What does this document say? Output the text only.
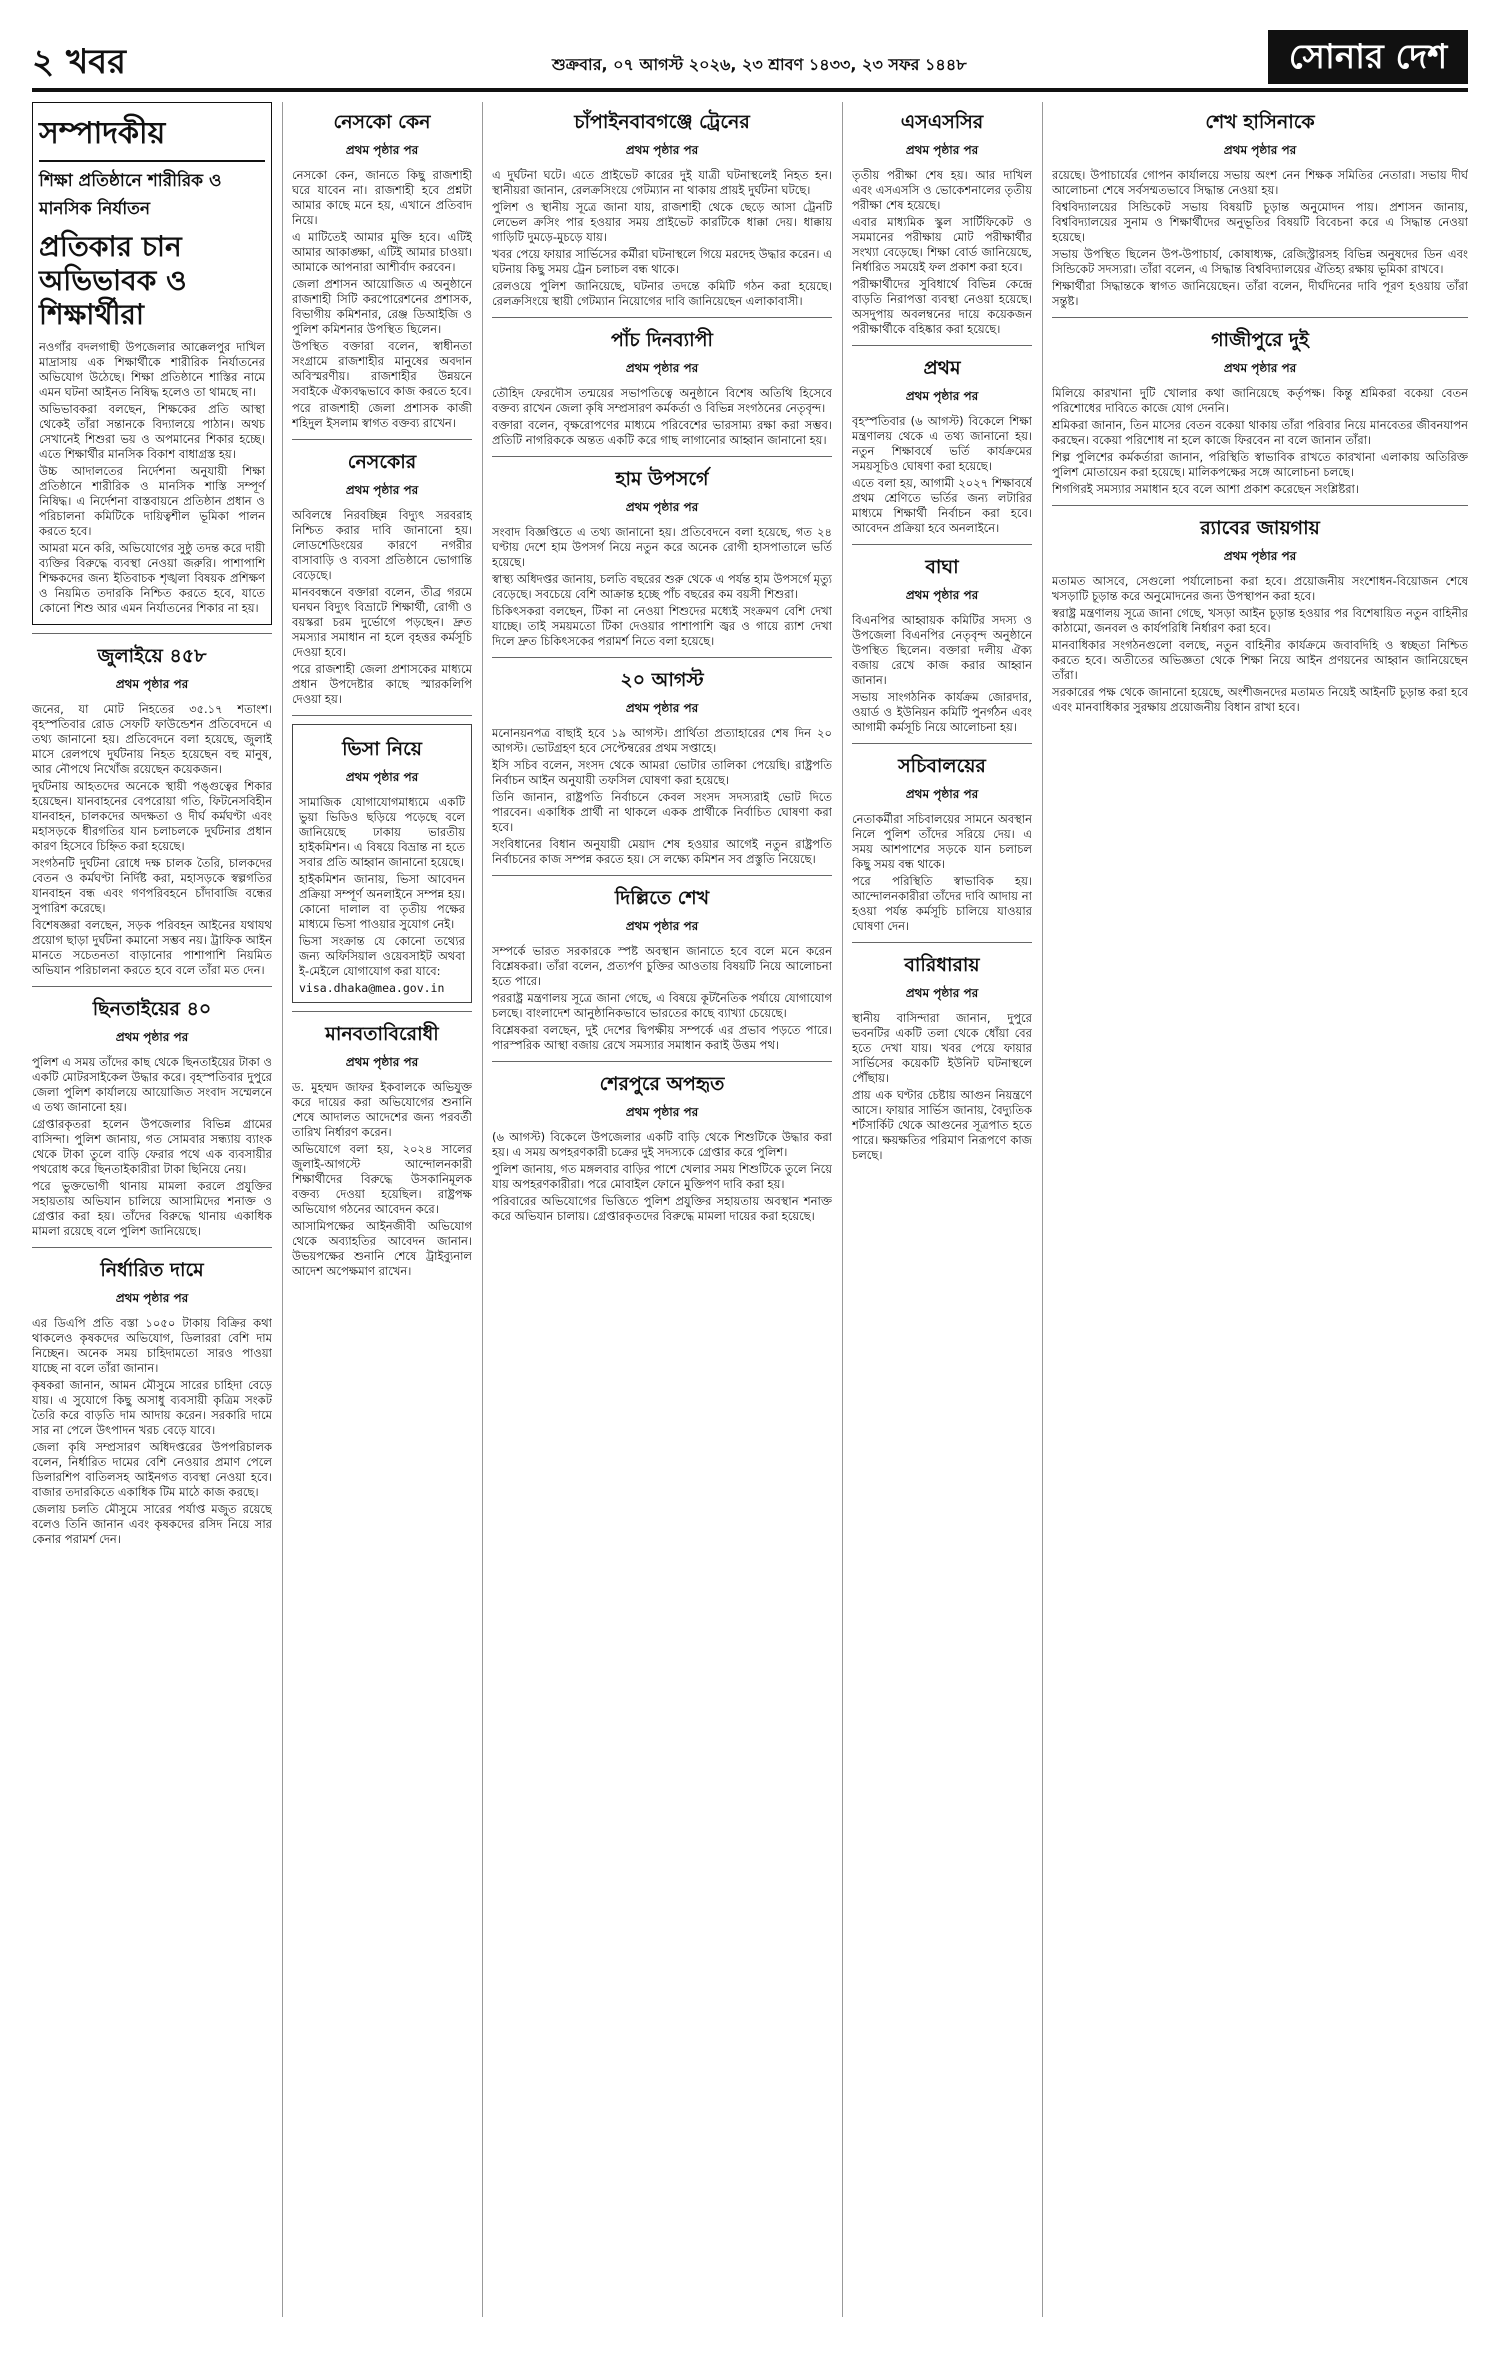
২ খবর	শুক্রবার, ০৭ আগস্ট ২০২৬, ২৩ শ্রাবণ ১৪৩৩, ২৩ সফর ১৪৪৮	সোনার দেশ
সম্পাদকীয়
শিক্ষা প্রতিষ্ঠানে শারীরিক ও মানসিক নির্যাতন
প্রতিকার চান অভিভাবক ও শিক্ষার্থীরা

নওগাঁর বদলগাছী উপজেলার আক্কেলপুর দাখিল মাদ্রাসায় এক শিক্ষার্থীকে শারীরিক নির্যাতনের অভিযোগ উঠেছে। শিক্ষা প্রতিষ্ঠানে শাস্তির নামে এমন ঘটনা আইনত নিষিদ্ধ হলেও তা থামছে না।

অভিভাবকরা বলছেন, শিক্ষকের প্রতি আস্থা থেকেই তাঁরা সন্তানকে বিদ্যালয়ে পাঠান। অথচ সেখানেই শিশুরা ভয় ও অপমানের শিকার হচ্ছে। এতে শিক্ষার্থীর মানসিক বিকাশ বাধাগ্রস্ত হয়।

উচ্চ আদালতের নির্দেশনা অনুযায়ী শিক্ষা প্রতিষ্ঠানে শারীরিক ও মানসিক শাস্তি সম্পূর্ণ নিষিদ্ধ। এ নির্দেশনা বাস্তবায়নে প্রতিষ্ঠান প্রধান ও পরিচালনা কমিটিকে দায়িত্বশীল ভূমিকা পালন করতে হবে।

আমরা মনে করি, অভিযোগের সুষ্ঠু তদন্ত করে দায়ী ব্যক্তির বিরুদ্ধে ব্যবস্থা নেওয়া জরুরি। পাশাপাশি শিক্ষকদের জন্য ইতিবাচক শৃঙ্খলা বিষয়ক প্রশিক্ষণ ও নিয়মিত তদারকি নিশ্চিত করতে হবে, যাতে কোনো শিশু আর এমন নির্যাতনের শিকার না হয়।

জুলাইয়ে ৪৫৮
প্রথম পৃষ্ঠার পর

জনের, যা মোট নিহতের ৩৫.১৭ শতাংশ। বৃহস্পতিবার রোড সেফটি ফাউন্ডেশন প্রতিবেদনে এ তথ্য জানানো হয়। প্রতিবেদনে বলা হয়েছে, জুলাই মাসে রেলপথে দুর্ঘটনায় নিহত হয়েছেন বহু মানুষ, আর নৌপথে নিখোঁজ রয়েছেন কয়েকজন।

দুর্ঘটনায় আহতদের অনেকে স্থায়ী পঙ্গুত্বের শিকার হয়েছেন। যানবাহনের বেপরোয়া গতি, ফিটনেসবিহীন যানবাহন, চালকদের অদক্ষতা ও দীর্ঘ কর্মঘণ্টা এবং মহাসড়কে ধীরগতির যান চলাচলকে দুর্ঘটনার প্রধান কারণ হিসেবে চিহ্নিত করা হয়েছে।

সংগঠনটি দুর্ঘটনা রোধে দক্ষ চালক তৈরি, চালকদের বেতন ও কর্মঘণ্টা নির্দিষ্ট করা, মহাসড়কে স্বল্পগতির যানবাহন বন্ধ এবং গণপরিবহনে চাঁদাবাজি বন্ধের সুপারিশ করেছে।

বিশেষজ্ঞরা বলছেন, সড়ক পরিবহন আইনের যথাযথ প্রয়োগ ছাড়া দুর্ঘটনা কমানো সম্ভব নয়। ট্রাফিক আইন মানতে সচেতনতা বাড়ানোর পাশাপাশি নিয়মিত অভিযান পরিচালনা করতে হবে বলে তাঁরা মত দেন।

ছিনতাইয়ের ৪০
প্রথম পৃষ্ঠার পর

পুলিশ এ সময় তাঁদের কাছ থেকে ছিনতাইয়ের টাকা ও একটি মোটরসাইকেল উদ্ধার করে। বৃহস্পতিবার দুপুরে জেলা পুলিশ কার্যালয়ে আয়োজিত সংবাদ সম্মেলনে এ তথ্য জানানো হয়।

গ্রেপ্তারকৃতরা হলেন উপজেলার বিভিন্ন গ্রামের বাসিন্দা। পুলিশ জানায়, গত সোমবার সন্ধ্যায় ব্যাংক থেকে টাকা তুলে বাড়ি ফেরার পথে এক ব্যবসায়ীর পথরোধ করে ছিনতাইকারীরা টাকা ছিনিয়ে নেয়।

পরে ভুক্তভোগী থানায় মামলা করলে প্রযুক্তির সহায়তায় অভিযান চালিয়ে আসামিদের শনাক্ত ও গ্রেপ্তার করা হয়। তাঁদের বিরুদ্ধে থানায় একাধিক মামলা রয়েছে বলে পুলিশ জানিয়েছে।

নির্ধারিত দামে
প্রথম পৃষ্ঠার পর

এর ডিএপি প্রতি বস্তা ১০৫০ টাকায় বিক্রির কথা থাকলেও কৃষকদের অভিযোগ, ডিলাররা বেশি দাম নিচ্ছেন। অনেক সময় চাহিদামতো সারও পাওয়া যাচ্ছে না বলে তাঁরা জানান।

কৃষকরা জানান, আমন মৌসুমে সারের চাহিদা বেড়ে যায়। এ সুযোগে কিছু অসাধু ব্যবসায়ী কৃত্রিম সংকট তৈরি করে বাড়তি দাম আদায় করেন। সরকারি দামে সার না পেলে উৎপাদন খরচ বেড়ে যাবে।

জেলা কৃষি সম্প্রসারণ অধিদপ্তরের উপপরিচালক বলেন, নির্ধারিত দামের বেশি নেওয়ার প্রমাণ পেলে ডিলারশিপ বাতিলসহ আইনগত ব্যবস্থা নেওয়া হবে। বাজার তদারকিতে একাধিক টিম মাঠে কাজ করছে।

জেলায় চলতি মৌসুমে সারের পর্যাপ্ত মজুত রয়েছে বলেও তিনি জানান এবং কৃষকদের রসিদ নিয়ে সার কেনার পরামর্শ দেন।

নেসকো কেন
প্রথম পৃষ্ঠার পর

নেসকো কেন, জানতে কিছু রাজশাহী ঘরে যাবেন না। রাজশাহী হবে প্রশ্নটা আমার কাছে মনে হয়, এখানে প্রতিবাদ নিয়ে।

এ মাটিতেই আমার মুক্তি হবে। এটিই আমার আকাঙ্ক্ষা, এটিই আমার চাওয়া। আমাকে আপনারা আশীর্বাদ করবেন।

জেলা প্রশাসন আয়োজিত এ অনুষ্ঠানে রাজশাহী সিটি করপোরেশনের প্রশাসক, বিভাগীয় কমিশনার, রেঞ্জ ডিআইজি ও পুলিশ কমিশনার উপস্থিত ছিলেন।

উপস্থিত বক্তারা বলেন, স্বাধীনতা সংগ্রামে রাজশাহীর মানুষের অবদান অবিস্মরণীয়। রাজশাহীর উন্নয়নে সবাইকে ঐক্যবদ্ধভাবে কাজ করতে হবে।

পরে রাজশাহী জেলা প্রশাসক কাজী শহিদুল ইসলাম স্বাগত বক্তব্য রাখেন।

নেসকোর
প্রথম পৃষ্ঠার পর

অবিলম্বে নিরবচ্ছিন্ন বিদ্যুৎ সরবরাহ নিশ্চিত করার দাবি জানানো হয়। লোডশেডিংয়ের কারণে নগরীর বাসাবাড়ি ও ব্যবসা প্রতিষ্ঠানে ভোগান্তি বেড়েছে।

মানববন্ধনে বক্তারা বলেন, তীব্র গরমে ঘনঘন বিদ্যুৎ বিভ্রাটে শিক্ষার্থী, রোগী ও বয়স্করা চরম দুর্ভোগে পড়ছেন। দ্রুত সমস্যার সমাধান না হলে বৃহত্তর কর্মসূচি দেওয়া হবে।

পরে রাজশাহী জেলা প্রশাসকের মাধ্যমে প্রধান উপদেষ্টার কাছে স্মারকলিপি দেওয়া হয়।

ভিসা নিয়ে
প্রথম পৃষ্ঠার পর

সামাজিক যোগাযোগমাধ্যমে একটি ভুয়া ভিডিও ছড়িয়ে পড়েছে বলে জানিয়েছে ঢাকায় ভারতীয় হাইকমিশন। এ বিষয়ে বিভ্রান্ত না হতে সবার প্রতি আহ্বান জানানো হয়েছে।

হাইকমিশন জানায়, ভিসা আবেদন প্রক্রিয়া সম্পূর্ণ অনলাইনে সম্পন্ন হয়। কোনো দালাল বা তৃতীয় পক্ষের মাধ্যমে ভিসা পাওয়ার সুযোগ নেই।

ভিসা সংক্রান্ত যে কোনো তথ্যের জন্য অফিসিয়াল ওয়েবসাইট অথবা ই-মেইলে যোগাযোগ করা যাবে:

visa.dhaka@mea.gov.in

মানবতাবিরোধী
প্রথম পৃষ্ঠার পর

ড. মুহম্মদ জাফর ইকবালকে অভিযুক্ত করে দায়ের করা অভিযোগের শুনানি শেষে আদালত আদেশের জন্য পরবর্তী তারিখ নির্ধারণ করেন।

অভিযোগে বলা হয়, ২০২৪ সালের জুলাই-আগস্টে আন্দোলনকারী শিক্ষার্থীদের বিরুদ্ধে উসকানিমূলক বক্তব্য দেওয়া হয়েছিল। রাষ্ট্রপক্ষ অভিযোগ গঠনের আবেদন করে।

আসামিপক্ষের আইনজীবী অভিযোগ থেকে অব্যাহতির আবেদন জানান। উভয়পক্ষের শুনানি শেষে ট্রাইব্যুনাল আদেশ অপেক্ষমাণ রাখেন।

চাঁপাইনবাবগঞ্জে ট্রেনের
প্রথম পৃষ্ঠার পর

এ দুর্ঘটনা ঘটে। এতে প্রাইভেট কারের দুই যাত্রী ঘটনাস্থলেই নিহত হন। স্থানীয়রা জানান, রেলক্রসিংয়ে গেটম্যান না থাকায় প্রায়ই দুর্ঘটনা ঘটছে।

পুলিশ ও স্থানীয় সূত্রে জানা যায়, রাজশাহী থেকে ছেড়ে আসা ট্রেনটি লেভেল ক্রসিং পার হওয়ার সময় প্রাইভেট কারটিকে ধাক্কা দেয়। ধাক্কায় গাড়িটি দুমড়ে-মুচড়ে যায়।

খবর পেয়ে ফায়ার সার্ভিসের কর্মীরা ঘটনাস্থলে গিয়ে মরদেহ উদ্ধার করেন। এ ঘটনায় কিছু সময় ট্রেন চলাচল বন্ধ থাকে।

রেলওয়ে পুলিশ জানিয়েছে, ঘটনার তদন্তে কমিটি গঠন করা হয়েছে। রেলক্রসিংয়ে স্থায়ী গেটম্যান নিয়োগের দাবি জানিয়েছেন এলাকাবাসী।

পাঁচ দিনব্যাপী
প্রথম পৃষ্ঠার পর

তৌহিদ ফেরদৌস তন্ময়ের সভাপতিত্বে অনুষ্ঠানে বিশেষ অতিথি হিসেবে বক্তব্য রাখেন জেলা কৃষি সম্প্রসারণ কর্মকর্তা ও বিভিন্ন সংগঠনের নেতৃবৃন্দ।

বক্তারা বলেন, বৃক্ষরোপণের মাধ্যমে পরিবেশের ভারসাম্য রক্ষা করা সম্ভব। প্রতিটি নাগরিককে অন্তত একটি করে গাছ লাগানোর আহ্বান জানানো হয়।

হাম উপসর্গে
প্রথম পৃষ্ঠার পর

সংবাদ বিজ্ঞপ্তিতে এ তথ্য জানানো হয়। প্রতিবেদনে বলা হয়েছে, গত ২৪ ঘণ্টায় দেশে হাম উপসর্গ নিয়ে নতুন করে অনেক রোগী হাসপাতালে ভর্তি হয়েছে।

স্বাস্থ্য অধিদপ্তর জানায়, চলতি বছরের শুরু থেকে এ পর্যন্ত হাম উপসর্গে মৃত্যু বেড়েছে। সবচেয়ে বেশি আক্রান্ত হচ্ছে পাঁচ বছরের কম বয়সী শিশুরা।

চিকিৎসকরা বলছেন, টিকা না নেওয়া শিশুদের মধ্যেই সংক্রমণ বেশি দেখা যাচ্ছে। তাই সময়মতো টিকা দেওয়ার পাশাপাশি জ্বর ও গায়ে র‍্যাশ দেখা দিলে দ্রুত চিকিৎসকের পরামর্শ নিতে বলা হয়েছে।

২০ আগস্ট
প্রথম পৃষ্ঠার পর

মনোনয়নপত্র বাছাই হবে ১৯ আগস্ট। প্রার্থিতা প্রত্যাহারের শেষ দিন ২০ আগস্ট। ভোটগ্রহণ হবে সেপ্টেম্বরের প্রথম সপ্তাহে।

ইসি সচিব বলেন, সংসদ থেকে আমরা ভোটার তালিকা পেয়েছি। রাষ্ট্রপতি নির্বাচন আইন অনুযায়ী তফসিল ঘোষণা করা হয়েছে।

তিনি জানান, রাষ্ট্রপতি নির্বাচনে কেবল সংসদ সদস্যরাই ভোট দিতে পারবেন। একাধিক প্রার্থী না থাকলে একক প্রার্থীকে নির্বাচিত ঘোষণা করা হবে।

সংবিধানের বিধান অনুযায়ী মেয়াদ শেষ হওয়ার আগেই নতুন রাষ্ট্রপতি নির্বাচনের কাজ সম্পন্ন করতে হয়। সে লক্ষ্যে কমিশন সব প্রস্তুতি নিয়েছে।

দিল্লিতে শেখ
প্রথম পৃষ্ঠার পর

সম্পর্কে ভারত সরকারকে স্পষ্ট অবস্থান জানাতে হবে বলে মনে করেন বিশ্লেষকরা। তাঁরা বলেন, প্রত্যর্পণ চুক্তির আওতায় বিষয়টি নিয়ে আলোচনা হতে পারে।

পররাষ্ট্র মন্ত্রণালয় সূত্রে জানা গেছে, এ বিষয়ে কূটনৈতিক পর্যায়ে যোগাযোগ চলছে। বাংলাদেশ আনুষ্ঠানিকভাবে ভারতের কাছে ব্যাখ্যা চেয়েছে।

বিশ্লেষকরা বলছেন, দুই দেশের দ্বিপক্ষীয় সম্পর্কে এর প্রভাব পড়তে পারে। পারস্পরিক আস্থা বজায় রেখে সমস্যার সমাধান করাই উত্তম পথ।

শেরপুরে অপহৃত
প্রথম পৃষ্ঠার পর

(৬ আগস্ট) বিকেলে উপজেলার একটি বাড়ি থেকে শিশুটিকে উদ্ধার করা হয়। এ সময় অপহরণকারী চক্রের দুই সদস্যকে গ্রেপ্তার করে পুলিশ।

পুলিশ জানায়, গত মঙ্গলবার বাড়ির পাশে খেলার সময় শিশুটিকে তুলে নিয়ে যায় অপহরণকারীরা। পরে মোবাইল ফোনে মুক্তিপণ দাবি করা হয়।

পরিবারের অভিযোগের ভিত্তিতে পুলিশ প্রযুক্তির সহায়তায় অবস্থান শনাক্ত করে অভিযান চালায়। গ্রেপ্তারকৃতদের বিরুদ্ধে মামলা দায়ের করা হয়েছে।

এসএসসির
প্রথম পৃষ্ঠার পর

তৃতীয় পরীক্ষা শেষ হয়। আর দাখিল এবং এসএসসি ও ভোকেশনালের তৃতীয় পরীক্ষা শেষ হয়েছে।

এবার মাধ্যমিক স্কুল সার্টিফিকেট ও সমমানের পরীক্ষায় মোট পরীক্ষার্থীর সংখ্যা বেড়েছে। শিক্ষা বোর্ড জানিয়েছে, নির্ধারিত সময়েই ফল প্রকাশ করা হবে।

পরীক্ষার্থীদের সুবিধার্থে বিভিন্ন কেন্দ্রে বাড়তি নিরাপত্তা ব্যবস্থা নেওয়া হয়েছে। অসদুপায় অবলম্বনের দায়ে কয়েকজন পরীক্ষার্থীকে বহিষ্কার করা হয়েছে।

প্রথম
প্রথম পৃষ্ঠার পর

বৃহস্পতিবার (৬ আগস্ট) বিকেলে শিক্ষা মন্ত্রণালয় থেকে এ তথ্য জানানো হয়। নতুন শিক্ষাবর্ষে ভর্তি কার্যক্রমের সময়সূচিও ঘোষণা করা হয়েছে।

এতে বলা হয়, আগামী ২০২৭ শিক্ষাবর্ষে প্রথম শ্রেণিতে ভর্তির জন্য লটারির মাধ্যমে শিক্ষার্থী নির্বাচন করা হবে। আবেদন প্রক্রিয়া হবে অনলাইনে।

বাঘা
প্রথম পৃষ্ঠার পর

বিএনপির আহ্বায়ক কমিটির সদস্য ও উপজেলা বিএনপির নেতৃবৃন্দ অনুষ্ঠানে উপস্থিত ছিলেন। বক্তারা দলীয় ঐক্য বজায় রেখে কাজ করার আহ্বান জানান।

সভায় সাংগঠনিক কার্যক্রম জোরদার, ওয়ার্ড ও ইউনিয়ন কমিটি পুনর্গঠন এবং আগামী কর্মসূচি নিয়ে আলোচনা হয়।

সচিবালয়ের
প্রথম পৃষ্ঠার পর

নেতাকর্মীরা সচিবালয়ের সামনে অবস্থান নিলে পুলিশ তাঁদের সরিয়ে দেয়। এ সময় আশপাশের সড়কে যান চলাচল কিছু সময় বন্ধ থাকে।

পরে পরিস্থিতি স্বাভাবিক হয়। আন্দোলনকারীরা তাঁদের দাবি আদায় না হওয়া পর্যন্ত কর্মসূচি চালিয়ে যাওয়ার ঘোষণা দেন।

বারিধারায়
প্রথম পৃষ্ঠার পর

স্থানীয় বাসিন্দারা জানান, দুপুরে ভবনটির একটি তলা থেকে ধোঁয়া বের হতে দেখা যায়। খবর পেয়ে ফায়ার সার্ভিসের কয়েকটি ইউনিট ঘটনাস্থলে পৌঁছায়।

প্রায় এক ঘণ্টার চেষ্টায় আগুন নিয়ন্ত্রণে আসে। ফায়ার সার্ভিস জানায়, বৈদ্যুতিক শর্টসার্কিট থেকে আগুনের সূত্রপাত হতে পারে। ক্ষয়ক্ষতির পরিমাণ নিরূপণে কাজ চলছে।

শেখ হাসিনাকে
প্রথম পৃষ্ঠার পর

রয়েছে। উপাচার্যের গোপন কার্যালয়ে সভায় অংশ নেন শিক্ষক সমিতির নেতারা। সভায় দীর্ঘ আলোচনা শেষে সর্বসম্মতভাবে সিদ্ধান্ত নেওয়া হয়।

বিশ্ববিদ্যালয়ের সিন্ডিকেট সভায় বিষয়টি চূড়ান্ত অনুমোদন পায়। প্রশাসন জানায়, বিশ্ববিদ্যালয়ের সুনাম ও শিক্ষার্থীদের অনুভূতির বিষয়টি বিবেচনা করে এ সিদ্ধান্ত নেওয়া হয়েছে।

সভায় উপস্থিত ছিলেন উপ-উপাচার্য, কোষাধ্যক্ষ, রেজিস্ট্রারসহ বিভিন্ন অনুষদের ডিন এবং সিন্ডিকেট সদস্যরা। তাঁরা বলেন, এ সিদ্ধান্ত বিশ্ববিদ্যালয়ের ঐতিহ্য রক্ষায় ভূমিকা রাখবে।

শিক্ষার্থীরা সিদ্ধান্তকে স্বাগত জানিয়েছেন। তাঁরা বলেন, দীর্ঘদিনের দাবি পূরণ হওয়ায় তাঁরা সন্তুষ্ট।

গাজীপুরে দুই
প্রথম পৃষ্ঠার পর

মিলিয়ে কারখানা দুটি খোলার কথা জানিয়েছে কর্তৃপক্ষ। কিন্তু শ্রমিকরা বকেয়া বেতন পরিশোধের দাবিতে কাজে যোগ দেননি।

শ্রমিকরা জানান, তিন মাসের বেতন বকেয়া থাকায় তাঁরা পরিবার নিয়ে মানবেতর জীবনযাপন করছেন। বকেয়া পরিশোধ না হলে কাজে ফিরবেন না বলে জানান তাঁরা।

শিল্প পুলিশের কর্মকর্তারা জানান, পরিস্থিতি স্বাভাবিক রাখতে কারখানা এলাকায় অতিরিক্ত পুলিশ মোতায়েন করা হয়েছে। মালিকপক্ষের সঙ্গে আলোচনা চলছে।

শিগগিরই সমস্যার সমাধান হবে বলে আশা প্রকাশ করেছেন সংশ্লিষ্টরা।

র‍্যাবের জায়গায়
প্রথম পৃষ্ঠার পর

মতামত আসবে, সেগুলো পর্যালোচনা করা হবে। প্রয়োজনীয় সংশোধন-বিয়োজন শেষে খসড়াটি চূড়ান্ত করে অনুমোদনের জন্য উপস্থাপন করা হবে।

স্বরাষ্ট্র মন্ত্রণালয় সূত্রে জানা গেছে, খসড়া আইন চূড়ান্ত হওয়ার পর বিশেষায়িত নতুন বাহিনীর কাঠামো, জনবল ও কার্যপরিধি নির্ধারণ করা হবে।

মানবাধিকার সংগঠনগুলো বলছে, নতুন বাহিনীর কার্যক্রমে জবাবদিহি ও স্বচ্ছতা নিশ্চিত করতে হবে। অতীতের অভিজ্ঞতা থেকে শিক্ষা নিয়ে আইন প্রণয়নের আহ্বান জানিয়েছেন তাঁরা।

সরকারের পক্ষ থেকে জানানো হয়েছে, অংশীজনদের মতামত নিয়েই আইনটি চূড়ান্ত করা হবে এবং মানবাধিকার সুরক্ষায় প্রয়োজনীয় বিধান রাখা হবে।
